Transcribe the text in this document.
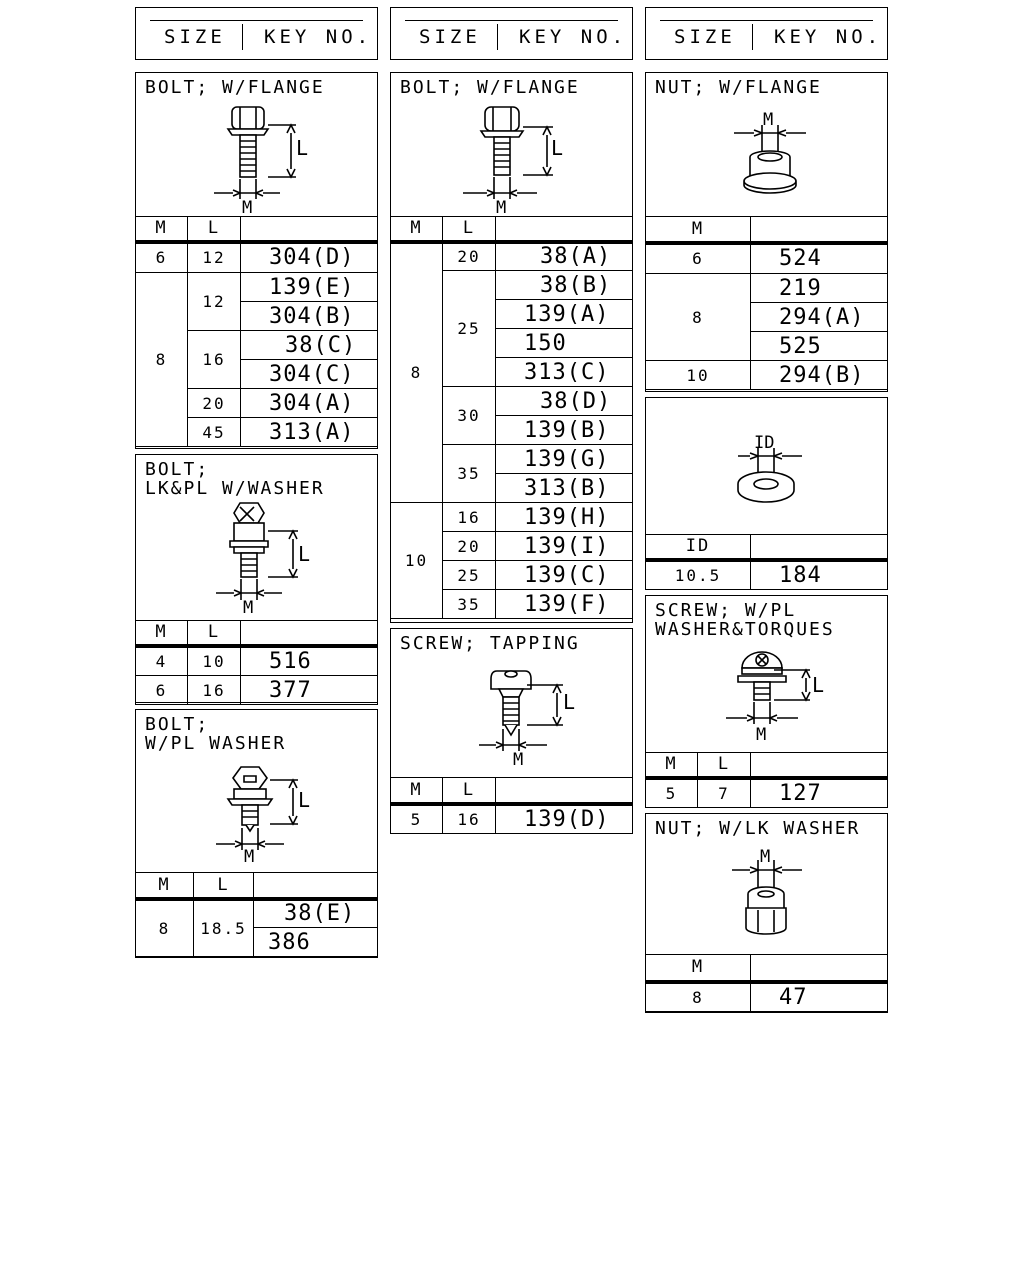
SIZE KEY NO. SIZE KEY NO. SIZE KEY NO.
BOLT; W/FLANGE
L
M
M	L	
6	12	304(D)
8	12	139(E)
		304(B)
	16	38(C)
		304(C)
	20	304(A)
	45	313(A)
BOLT;
LK&PL W/WASHER
L
M
M	L	
4	10	516
6	16	377
BOLT;
W/PL WASHER
L
M
M	L	
8	18.5	38(E)
		386
BOLT; W/FLANGE
L
M
M	L	
8	20	38(A)
	25	38(B)
		139(A)
		150
		313(C)
	30	38(D)
		139(B)
	35	139(G)
		313(B)
10	16	139(H)
	20	139(I)
	25	139(C)
	35	139(F)
SCREW; TAPPING
L
M
M	L	
5	16	139(D)
NUT; W/FLANGE
M
M	
6	524
8	219
	294(A)
	525
10	294(B)
ID
ID	
10.5	184
SCREW; W/PL
WASHER&TORQUES
L
M
M	L	
5	7	127
NUT; W/LK WASHER
M
M	
8	47
